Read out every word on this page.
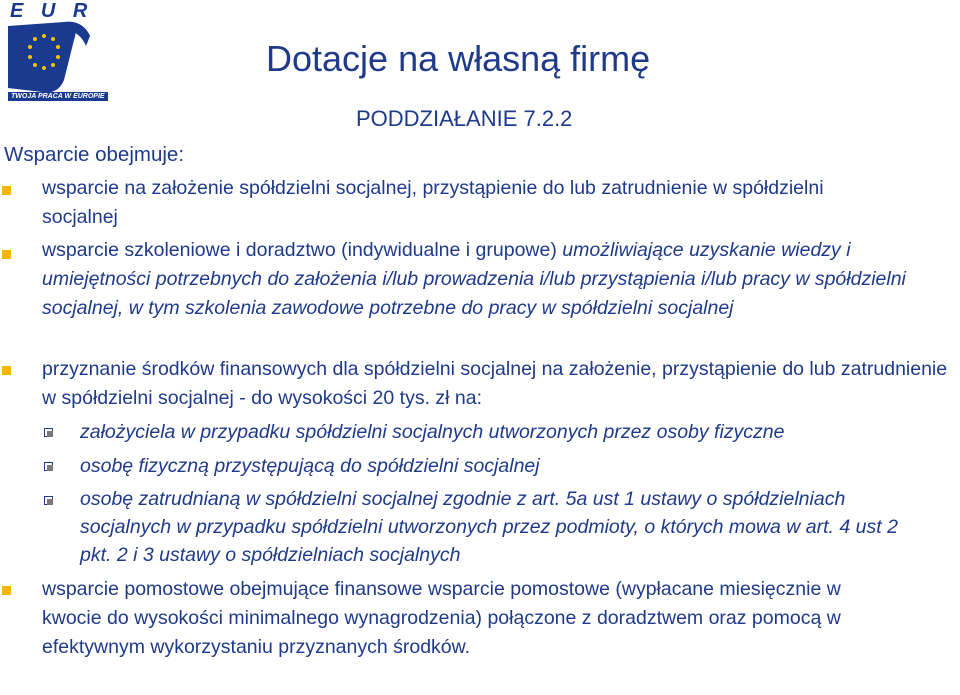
E U R
TWOJA PRACA W EUROPIE
Dotacje na własną firmę
PODDZIAŁANIE 7.2.2
Wsparcie obejmuje:

wsparcie na założenie spółdzielni socjalnej, przystąpienie do lub zatrudnienie w spółdzielni socjalnej

wsparcie szkoleniowe i doradztwo (indywidualne i grupowe) umożliwiające uzyskanie wiedzy i umiejętności potrzebnych do założenia i/lub prowadzenia i/lub przystąpienia i/lub pracy w spółdzielni socjalnej, w tym szkolenia zawodowe potrzebne do pracy w spółdzielni socjalnej

przyznanie środków finansowych dla spółdzielni socjalnej na założenie, przystąpienie do lub zatrudnienie w spółdzielni socjalnej - do wysokości 20 tys. zł na:

założyciela w przypadku spółdzielni socjalnych utworzonych przez osoby fizyczne

osobę fizyczną przystępującą do spółdzielni socjalnej

osobę zatrudnianą w spółdzielni socjalnej zgodnie z art. 5a ust 1 ustawy o spółdzielniach socjalnych w przypadku spółdzielni utworzonych przez podmioty, o których mowa w art. 4 ust 2 pkt. 2 i 3 ustawy o spółdzielniach socjalnych

wsparcie pomostowe obejmujące finansowe wsparcie pomostowe (wypłacane miesięcznie w kwocie do wysokości minimalnego wynagrodzenia) połączone z doradztwem oraz pomocą w efektywnym wykorzystaniu przyznanych środków.
